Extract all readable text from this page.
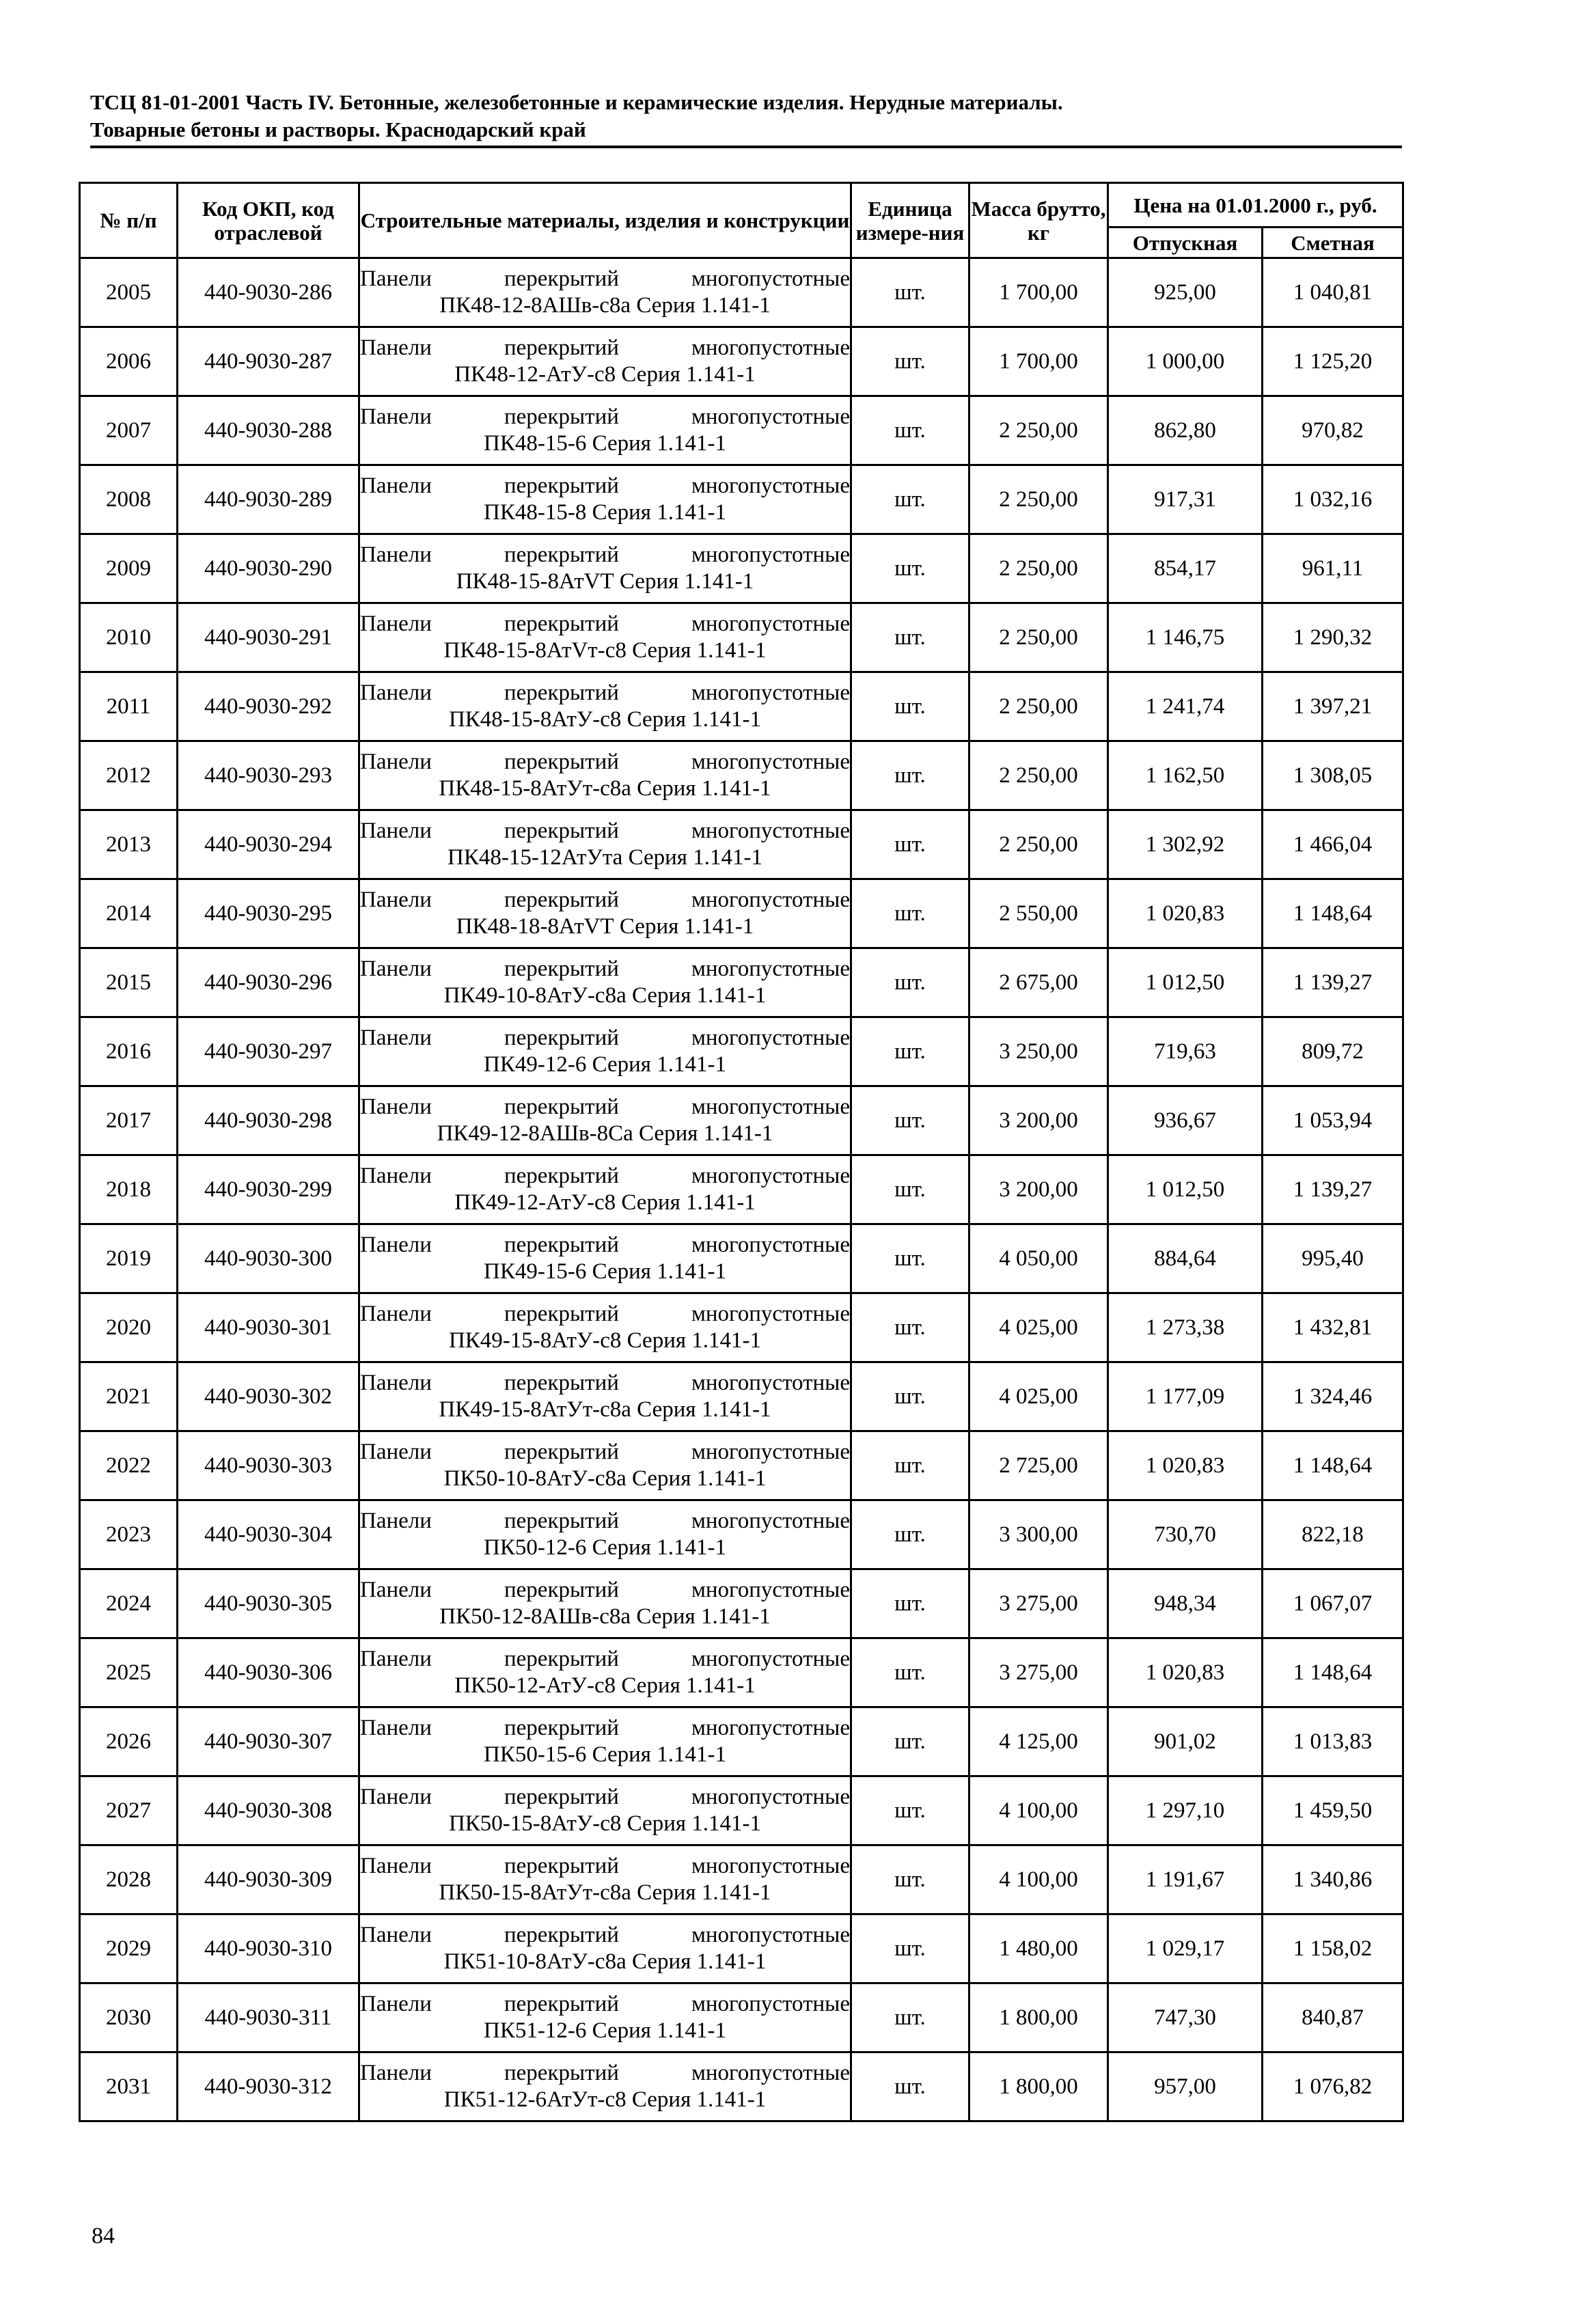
ТСЦ 81-01-2001 Часть IV. Бетонные, железобетонные и керамические изделия. Нерудные материалы.
Товарные бетоны и растворы. Краснодарский край
№ п/п	Код ОКП, код отраслевой	Строительные материалы, изделия и конструкции	Единица измере-ния	Масса брутто, кг	Цена на 01.01.2000 г., руб.	
					Отпускная	Сметная
2005	440-9030-286	Панели перекрытий многопустотные
ПК48-12-8АШв-с8а Серия 1.141-1	шт.	1 700,00	925,00	1 040,81
2006	440-9030-287	Панели перекрытий многопустотные
ПК48-12-АтУ-с8 Серия 1.141-1	шт.	1 700,00	1 000,00	1 125,20
2007	440-9030-288	Панели перекрытий многопустотные
ПК48-15-6 Серия 1.141-1	шт.	2 250,00	862,80	970,82
2008	440-9030-289	Панели перекрытий многопустотные
ПК48-15-8 Серия 1.141-1	шт.	2 250,00	917,31	1 032,16
2009	440-9030-290	Панели перекрытий многопустотные
ПК48-15-8АтVТ Серия 1.141-1	шт.	2 250,00	854,17	961,11
2010	440-9030-291	Панели перекрытий многопустотные
ПК48-15-8АтVт-с8 Серия 1.141-1	шт.	2 250,00	1 146,75	1 290,32
2011	440-9030-292	Панели перекрытий многопустотные
ПК48-15-8АтУ-с8 Серия 1.141-1	шт.	2 250,00	1 241,74	1 397,21
2012	440-9030-293	Панели перекрытий многопустотные
ПК48-15-8АтУт-с8а Серия 1.141-1	шт.	2 250,00	1 162,50	1 308,05
2013	440-9030-294	Панели перекрытий многопустотные
ПК48-15-12АтУта Серия 1.141-1	шт.	2 250,00	1 302,92	1 466,04
2014	440-9030-295	Панели перекрытий многопустотные
ПК48-18-8АтVТ Серия 1.141-1	шт.	2 550,00	1 020,83	1 148,64
2015	440-9030-296	Панели перекрытий многопустотные
ПК49-10-8АтУ-с8а Серия 1.141-1	шт.	2 675,00	1 012,50	1 139,27
2016	440-9030-297	Панели перекрытий многопустотные
ПК49-12-6 Серия 1.141-1	шт.	3 250,00	719,63	809,72
2017	440-9030-298	Панели перекрытий многопустотные
ПК49-12-8АШв-8Са Серия 1.141-1	шт.	3 200,00	936,67	1 053,94
2018	440-9030-299	Панели перекрытий многопустотные
ПК49-12-АтУ-с8 Серия 1.141-1	шт.	3 200,00	1 012,50	1 139,27
2019	440-9030-300	Панели перекрытий многопустотные
ПК49-15-6 Серия 1.141-1	шт.	4 050,00	884,64	995,40
2020	440-9030-301	Панели перекрытий многопустотные
ПК49-15-8АтУ-с8 Серия 1.141-1	шт.	4 025,00	1 273,38	1 432,81
2021	440-9030-302	Панели перекрытий многопустотные
ПК49-15-8АтУт-с8а Серия 1.141-1	шт.	4 025,00	1 177,09	1 324,46
2022	440-9030-303	Панели перекрытий многопустотные
ПК50-10-8АтУ-с8а Серия 1.141-1	шт.	2 725,00	1 020,83	1 148,64
2023	440-9030-304	Панели перекрытий многопустотные
ПК50-12-6 Серия 1.141-1	шт.	3 300,00	730,70	822,18
2024	440-9030-305	Панели перекрытий многопустотные
ПК50-12-8АШв-с8а Серия 1.141-1	шт.	3 275,00	948,34	1 067,07
2025	440-9030-306	Панели перекрытий многопустотные
ПК50-12-АтУ-с8 Серия 1.141-1	шт.	3 275,00	1 020,83	1 148,64
2026	440-9030-307	Панели перекрытий многопустотные
ПК50-15-6 Серия 1.141-1	шт.	4 125,00	901,02	1 013,83
2027	440-9030-308	Панели перекрытий многопустотные
ПК50-15-8АтУ-с8 Серия 1.141-1	шт.	4 100,00	1 297,10	1 459,50
2028	440-9030-309	Панели перекрытий многопустотные
ПК50-15-8АтУт-с8а Серия 1.141-1	шт.	4 100,00	1 191,67	1 340,86
2029	440-9030-310	Панели перекрытий многопустотные
ПК51-10-8АтУ-с8а Серия 1.141-1	шт.	1 480,00	1 029,17	1 158,02
2030	440-9030-311	Панели перекрытий многопустотные
ПК51-12-6 Серия 1.141-1	шт.	1 800,00	747,30	840,87
2031	440-9030-312	Панели перекрытий многопустотные
ПК51-12-6АтУт-с8 Серия 1.141-1	шт.	1 800,00	957,00	1 076,82
84
